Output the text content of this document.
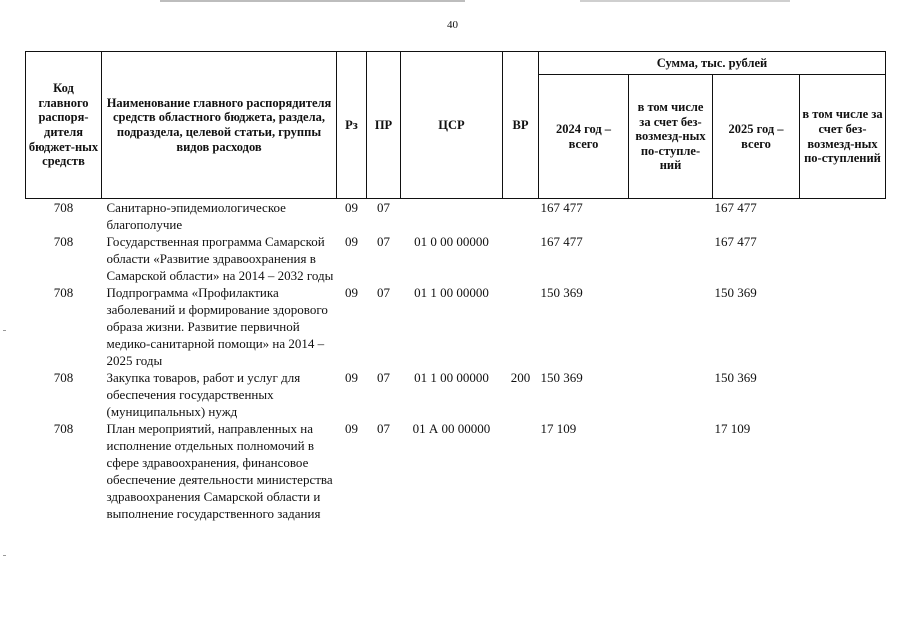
40
Код главного распоря-дителя бюджет-ных средств	Наименование главного распорядителя средств областного бюджета, раздела, подраздела, целевой статьи, группы видов расходов	Рз	ПР	ЦСР	ВР	Сумма, тыс. рублей			
						2024 год – всего	в том числе за счет без-возмезд-ных по-ступле-ний	2025 год – всего	в том числе за счет без-возмезд-ных по-ступлений
708	Санитарно-эпидемиологическое благополучие	09	07			167 477		167 477	
708	Государственная программа Самарской области «Развитие здравоохранения в Самарской области» на 2014 – 2032 годы	09	07	01 0 00 00000		167 477		167 477	
708	Подпрограмма «Профилактика заболеваний и формирование здорового образа жизни. Развитие первичной медико-санитарной помощи» на 2014 – 2025 годы	09	07	01 1 00 00000		150 369		150 369	
708	Закупка товаров, работ и услуг для обеспечения государственных (муниципальных) нужд	09	07	01 1 00 00000	200	150 369		150 369	
708	План мероприятий, направленных на исполнение отдельных полномочий в сфере здравоохранения, финансовое обеспечение деятельности министерства здравоохранения Самарской области и выполнение государственного задания	09	07	01 А 00 00000		17 109		17 109	
